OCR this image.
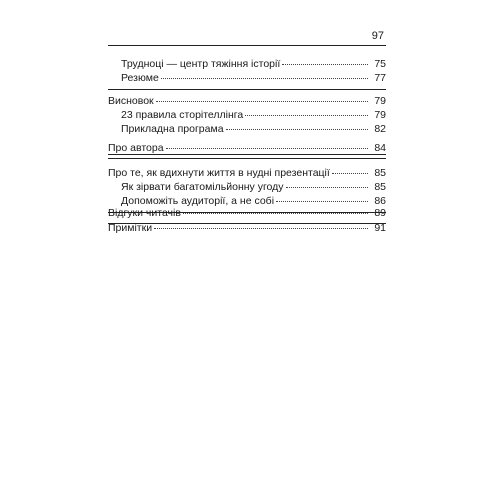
97
Трудноці — центр тяжіння історії	75
Резюме	77
Висновок	79
23 правила сторітеллінга	79
Прикладна програма	82
Про автора	84
Про те, як вдихнути життя в нудні презентації	85
Як зірвати багатомільйонну угоду	85
Допоможіть аудиторії, а не собі	86
Відгуки читачів	89
Примітки	91
